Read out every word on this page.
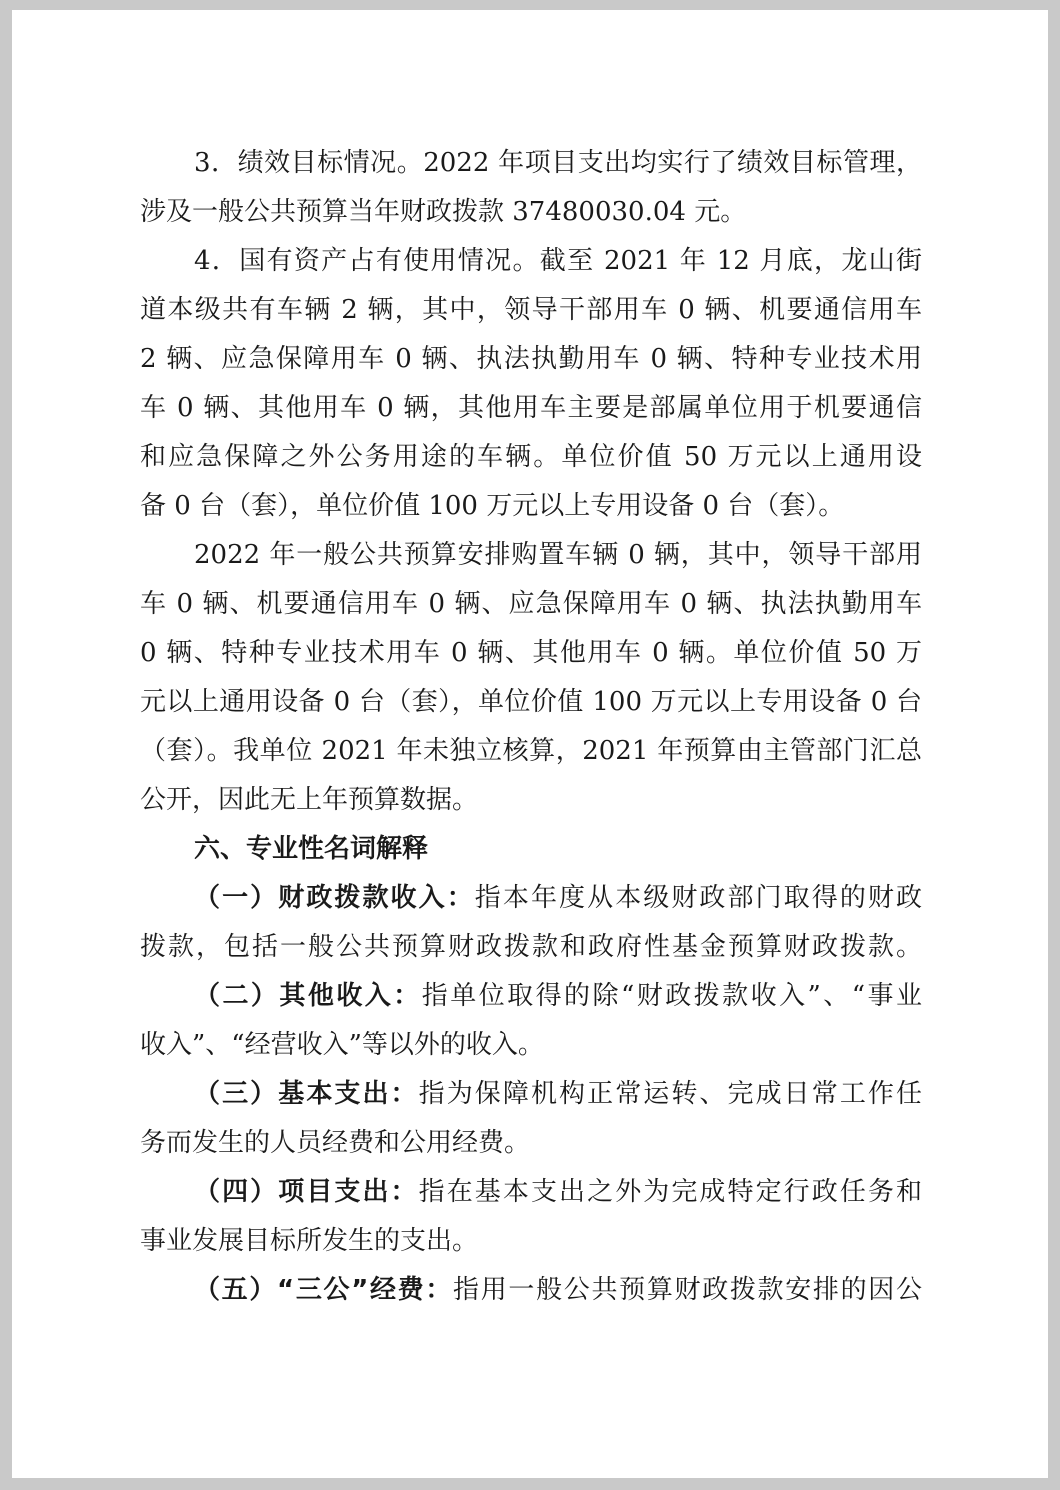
3．绩效目标情况。2022 年项目支出均实行了绩效目标管理，
涉及一般公共预算当年财政拨款 37480030.04 元。
4．国有资产占有使用情况。截至 2021 年 12 月底，龙山街
道本级共有车辆 2 辆，其中，领导干部用车 0 辆、机要通信用车
2 辆、应急保障用车 0 辆、执法执勤用车 0 辆、特种专业技术用
车 0 辆、其他用车 0 辆，其他用车主要是部属单位用于机要通信
和应急保障之外公务用途的车辆。单位价值 50 万元以上通用设
备 0 台（套），单位价值 100 万元以上专用设备 0 台（套）。
2022 年一般公共预算安排购置车辆 0 辆，其中，领导干部用
车 0 辆、机要通信用车 0 辆、应急保障用车 0 辆、执法执勤用车
0 辆、特种专业技术用车 0 辆、其他用车 0 辆。单位价值 50 万
元以上通用设备 0 台（套），单位价值 100 万元以上专用设备 0 台
（套）。我单位 2021 年未独立核算，2021 年预算由主管部门汇总
公开，因此无上年预算数据。
六、专业性名词解释
（一）财政拨款收入：指本年度从本级财政部门取得的财政
拨款，包括一般公共预算财政拨款和政府性基金预算财政拨款。
（二）其他收入：指单位取得的除“财政拨款收入”、“事业
收入”、“经营收入”等以外的收入。
（三）基本支出：指为保障机构正常运转、完成日常工作任
务而发生的人员经费和公用经费。
（四）项目支出：指在基本支出之外为完成特定行政任务和
事业发展目标所发生的支出。
（五）“三公”经费：指用一般公共预算财政拨款安排的因公
